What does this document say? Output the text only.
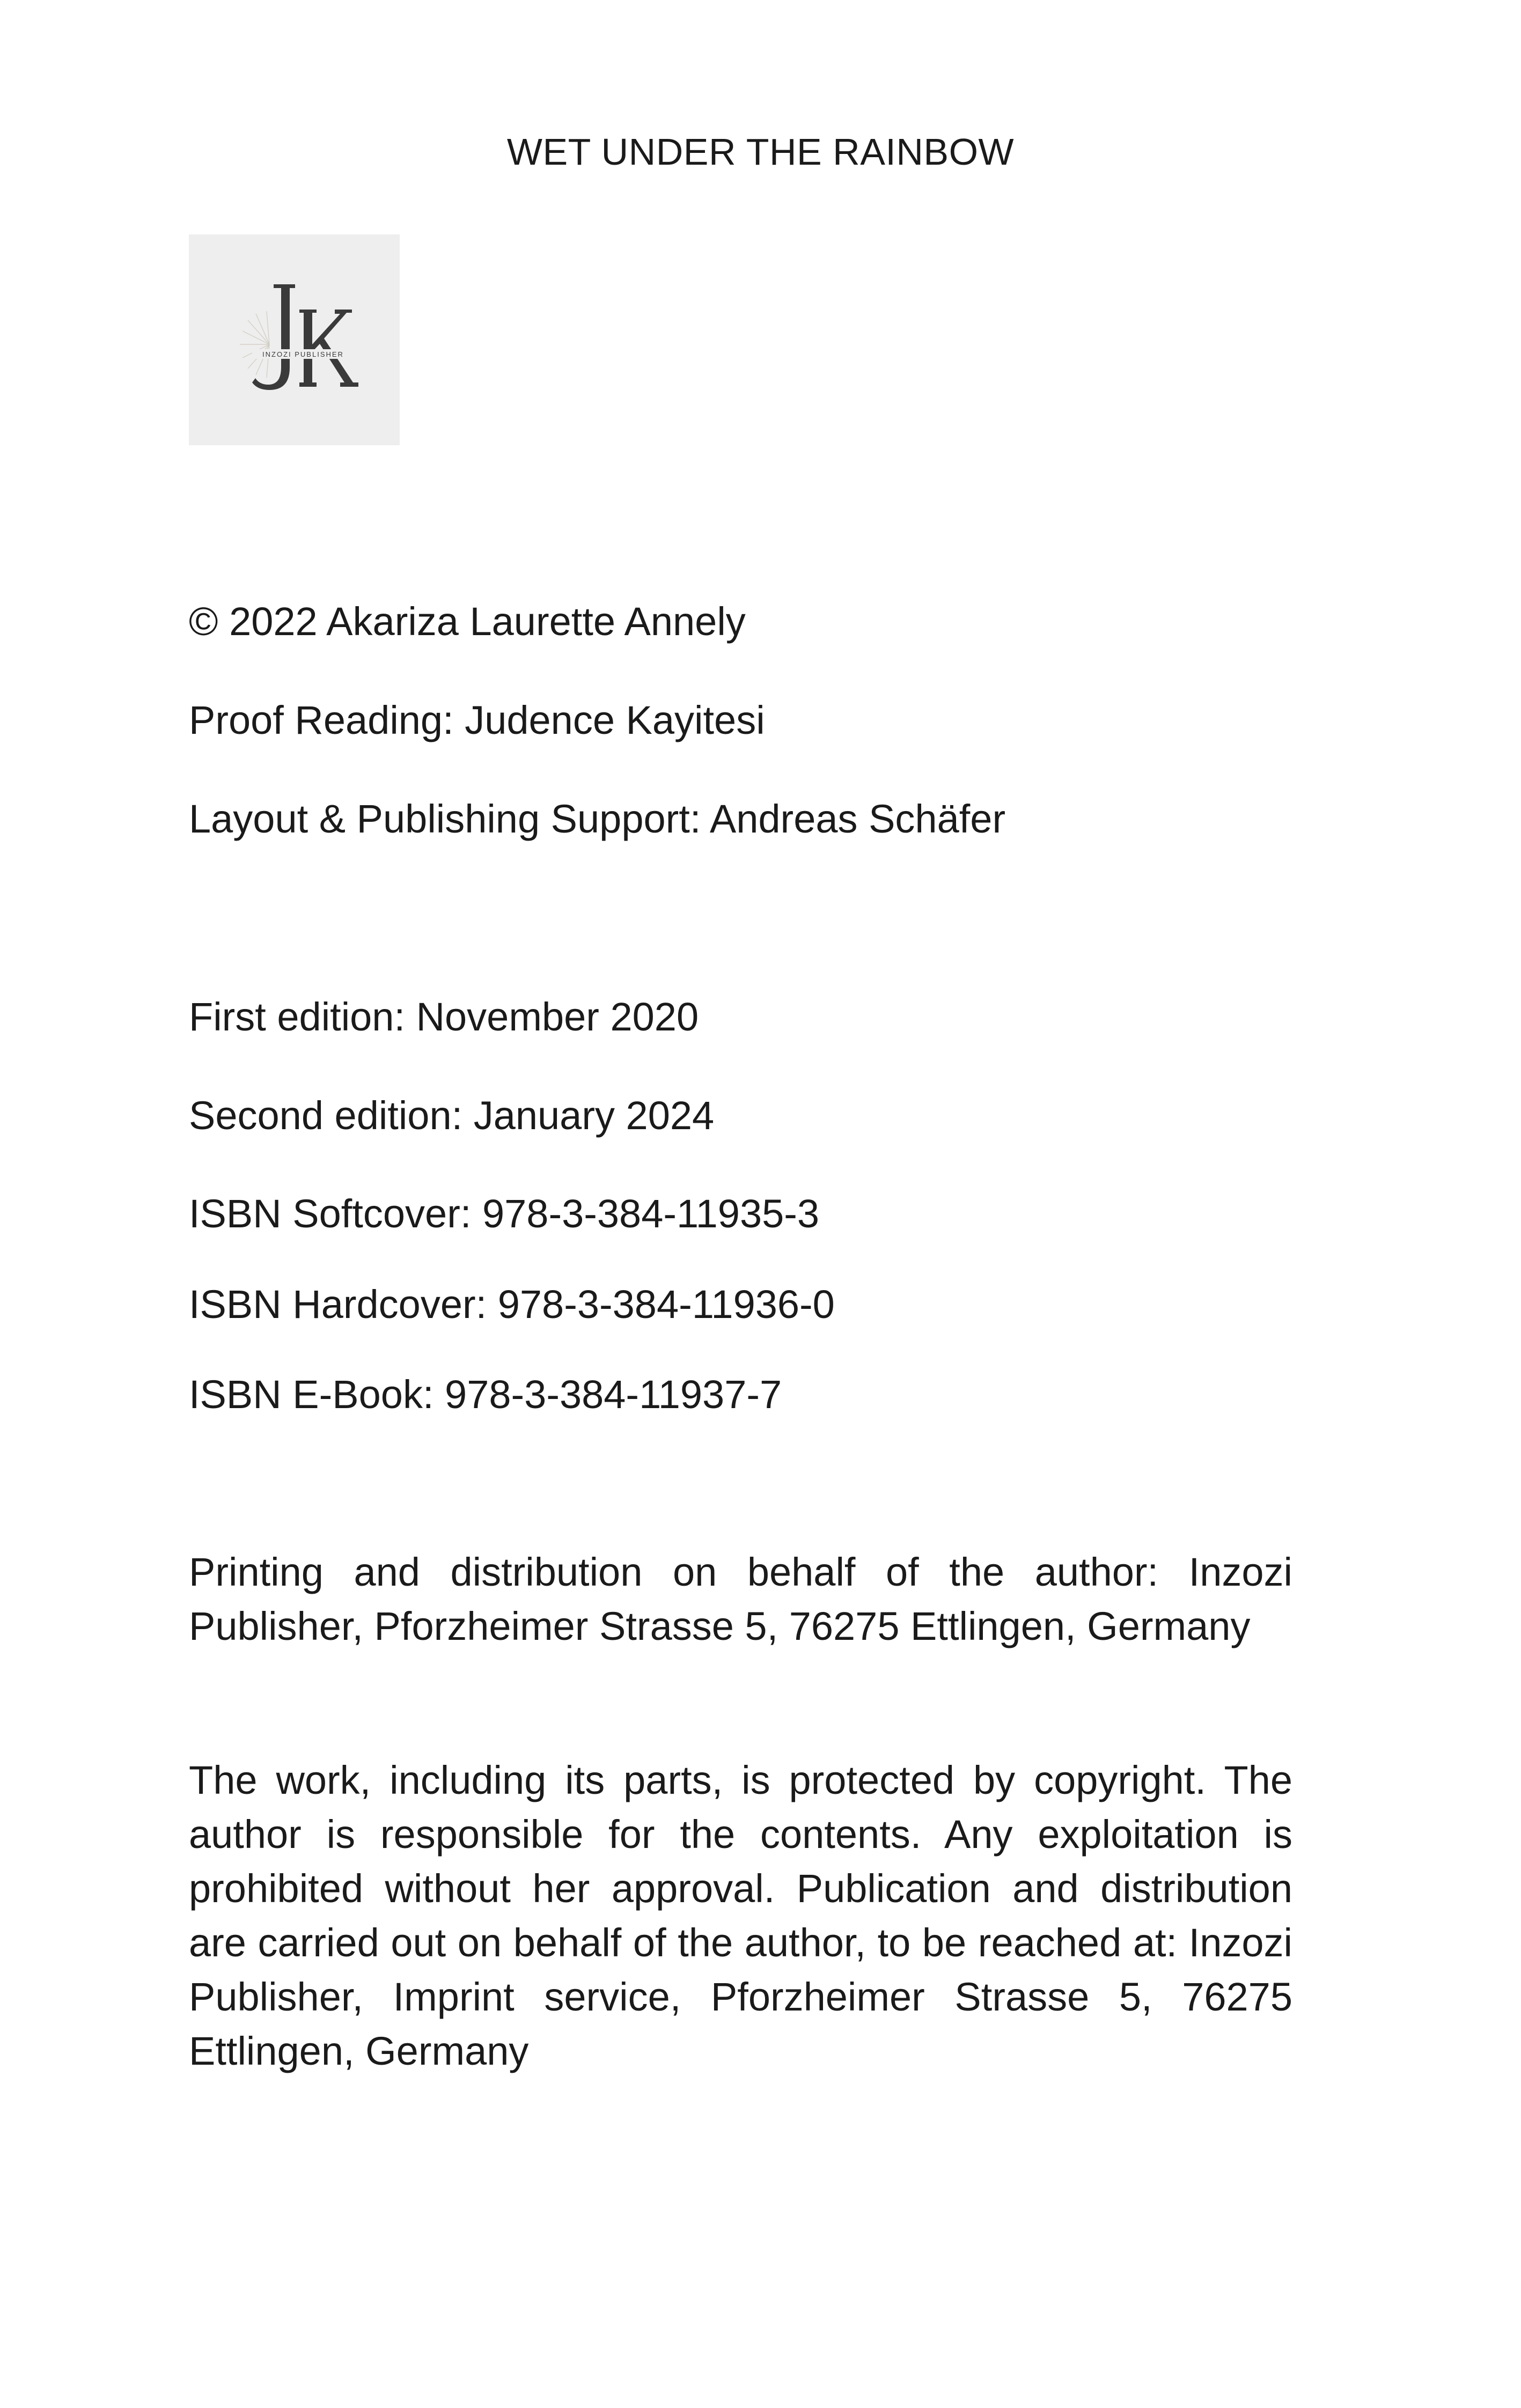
WET UNDER THE RAINBOW
INZOZI PUBLISHER
© 2022 Akariza Laurette Annely
Proof Reading: Judence Kayitesi
Layout & Publishing Support: Andreas Schäfer
First edition: November 2020
Second edition: January 2024
ISBN Softcover: 978-3-384-11935-3
ISBN Hardcover: 978-3-384-11936-0
ISBN E-Book: 978-3-384-11937-7
Printing and distribution on behalf of the author: Inzozi Publisher, Pforzheimer Strasse 5, 76275 Ettlingen, Germany
The work, including its parts, is protected by copyright. The author is responsible for the contents. Any exploitation is prohibited without her approval. Publication and distribution are carried out on behalf of the author, to be reached at: Inzozi Publisher, Imprint service, Pforzheimer Strasse 5, 76275 Ettlingen, Germany
